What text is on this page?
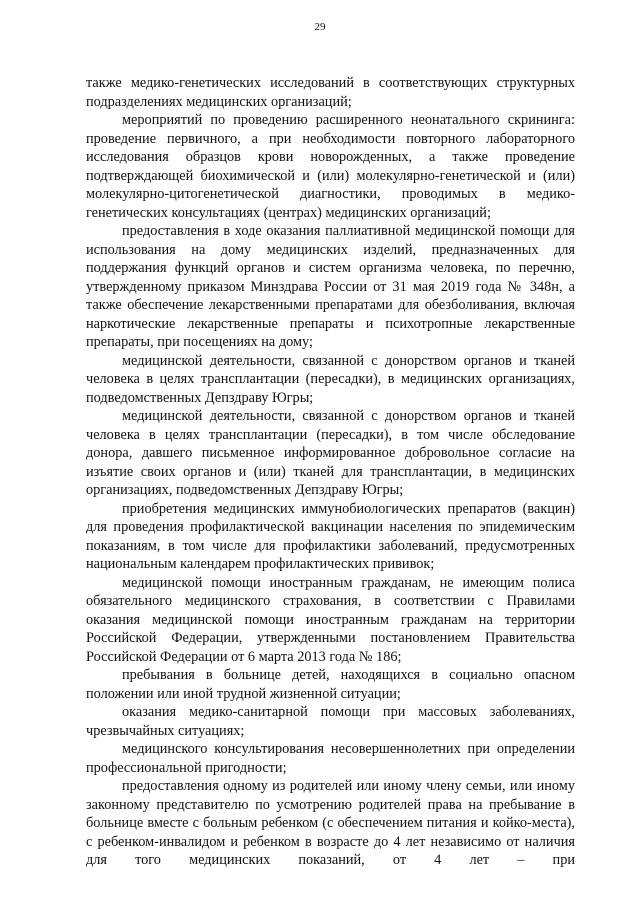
29

также медико-генетических исследований в соответствующих структурных подразделениях медицинских организаций;

мероприятий по проведению расширенного неонатального скрининга: проведение первичного, а при необходимости повторного лабораторного исследования образцов крови новорожденных, а также проведение подтверждающей биохимической и (или) молекулярно-генетической и (или) молекулярно-цитогенетической диагностики, проводимых в медико-генетических консультациях (центрах) медицинских организаций;

предоставления в ходе оказания паллиативной медицинской помощи для использования на дому медицинских изделий, предназначенных для поддержания функций органов и систем организма человека, по перечню, утвержденному приказом Минздрава России от 31 мая 2019 года № 348н, а также обеспечение лекарственными препаратами для обезболивания, включая наркотические лекарственные препараты и психотропные лекарственные препараты, при посещениях на дому;

медицинской деятельности, связанной с донорством органов и тканей человека в целях трансплантации (пересадки), в медицинских организациях, подведомственных Депздраву Югры;

медицинской деятельности, связанной с донорством органов и тканей человека в целях трансплантации (пересадки), в том числе обследование донора, давшего письменное информированное добровольное согласие на изъятие своих органов и (или) тканей для трансплантации, в медицинских организациях, подведомственных Депздраву Югры;

приобретения медицинских иммунобиологических препаратов (вакцин) для проведения профилактической вакцинации населения по эпидемическим показаниям, в том числе для профилактики заболеваний, предусмотренных национальным календарем профилактических прививок;

медицинской помощи иностранным гражданам, не имеющим полиса обязательного медицинского страхования, в соответствии с Правилами оказания медицинской помощи иностранным гражданам на территории Российской Федерации, утвержденными постановлением Правительства Российской Федерации от 6 марта 2013 года № 186;

пребывания в больнице детей, находящихся в социально опасном положении или иной трудной жизненной ситуации;

оказания медико-санитарной помощи при массовых заболеваниях, чрезвычайных ситуациях;

медицинского консультирования несовершеннолетних при определении профессиональной пригодности;

предоставления одному из родителей или иному члену семьи, или иному законному представителю по усмотрению родителей права на пребывание в больнице вместе с больным ребенком (с обеспечением питания и койко-места), с ребенком-инвалидом и ребенком в возрасте до 4 лет независимо от наличия для того медицинских показаний, от 4 лет – при
